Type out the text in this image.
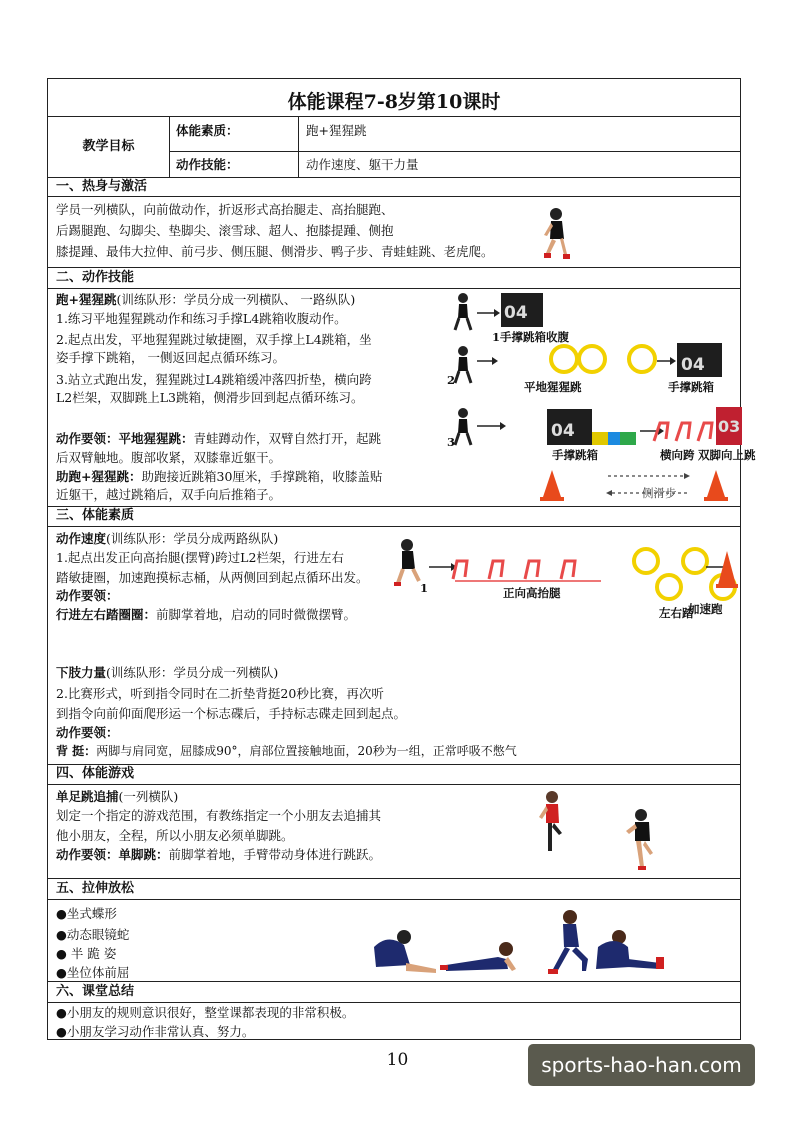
体能课程7-8岁第10课时
教学目标
体能素质：	跑+猩猩跳
动作技能：	动作速度、躯干力量
一、热身与激活
学员一列横队，向前做动作，折返形式高抬腿走、高抬腿跑、
后踢腿跑、勾脚尖、垫脚尖、滚雪球、超人、抱膝提踵、侧抱
膝提踵、最伟大拉伸、前弓步、侧压腿、侧滑步、鸭子步、青蛙蛙跳、老虎爬。
二、动作技能
跑+猩猩跳(训练队形：学员分成一列横队、 一路纵队)
1.练习平地猩猩跳动作和练习手撑L4跳箱收腹动作。
2.起点出发，平地猩猩跳过敏捷圈，双手撑上L4跳箱，坐
姿手撑下跳箱， 一侧返回起点循环练习。
3.站立式跑出发，猩猩跳过L4跳箱缓冲落四折垫，横向跨
L2栏架，双脚跳上L3跳箱，侧滑步回到起点循环练习。
动作要领：平地猩猩跳：青蛙蹲动作，双臂自然打开，起跳
后双臂触地。腹部收紧，双膝靠近躯干。
助跑+猩猩跳：助跑接近跳箱30厘米，手撑跳箱，收膝盖贴
近躯干，越过跳箱后，双手向后推箱子。
04
1手撑跳箱收腹
2	平地猩猩跳
04
手撑跳箱
3
04	03
手撑跳箱	横向跨 双脚向上跳
侧滑步
三、体能素质
动作速度(训练队形：学员分成两路纵队)
1.起点出发正向高抬腿(摆臂)跨过L2栏架，行进左右
踏敏捷圈，加速跑摸标志桶，从两侧回到起点循环出发。
动作要领：
行进左右踏圈圈：前脚掌着地，启动的同时微微摆臂。
1	正向高抬腿
左右踏
加速跑
下肢力量(训练队形：学员分成一列横队)
2.比赛形式，听到指令同时在二折垫背挺20秒比赛，再次听
到指令向前仰面爬形运一个标志碟后，手持标志碟走回到起点。
动作要领：
背 挺：两脚与肩同宽，屈膝成90°，肩部位置接触地面，20秒为一组，正常呼吸不憋气
四、体能游戏
单足跳追捕(一列横队)
划定一个指定的游戏范围，有教练指定一个小朋友去追捕其
他小朋友，全程，所以小朋友必须单脚跳。
动作要领：单脚跳：前脚掌着地，手臂带动身体进行跳跃。
五、拉伸放松
●坐式蝶形
●动态眼镜蛇
● 半 跪 姿
●坐位体前屈
六、课堂总结
●小朋友的规则意识很好，整堂课都表现的非常积极。
●小朋友学习动作非常认真、努力。
10	sports-hao-han.com
